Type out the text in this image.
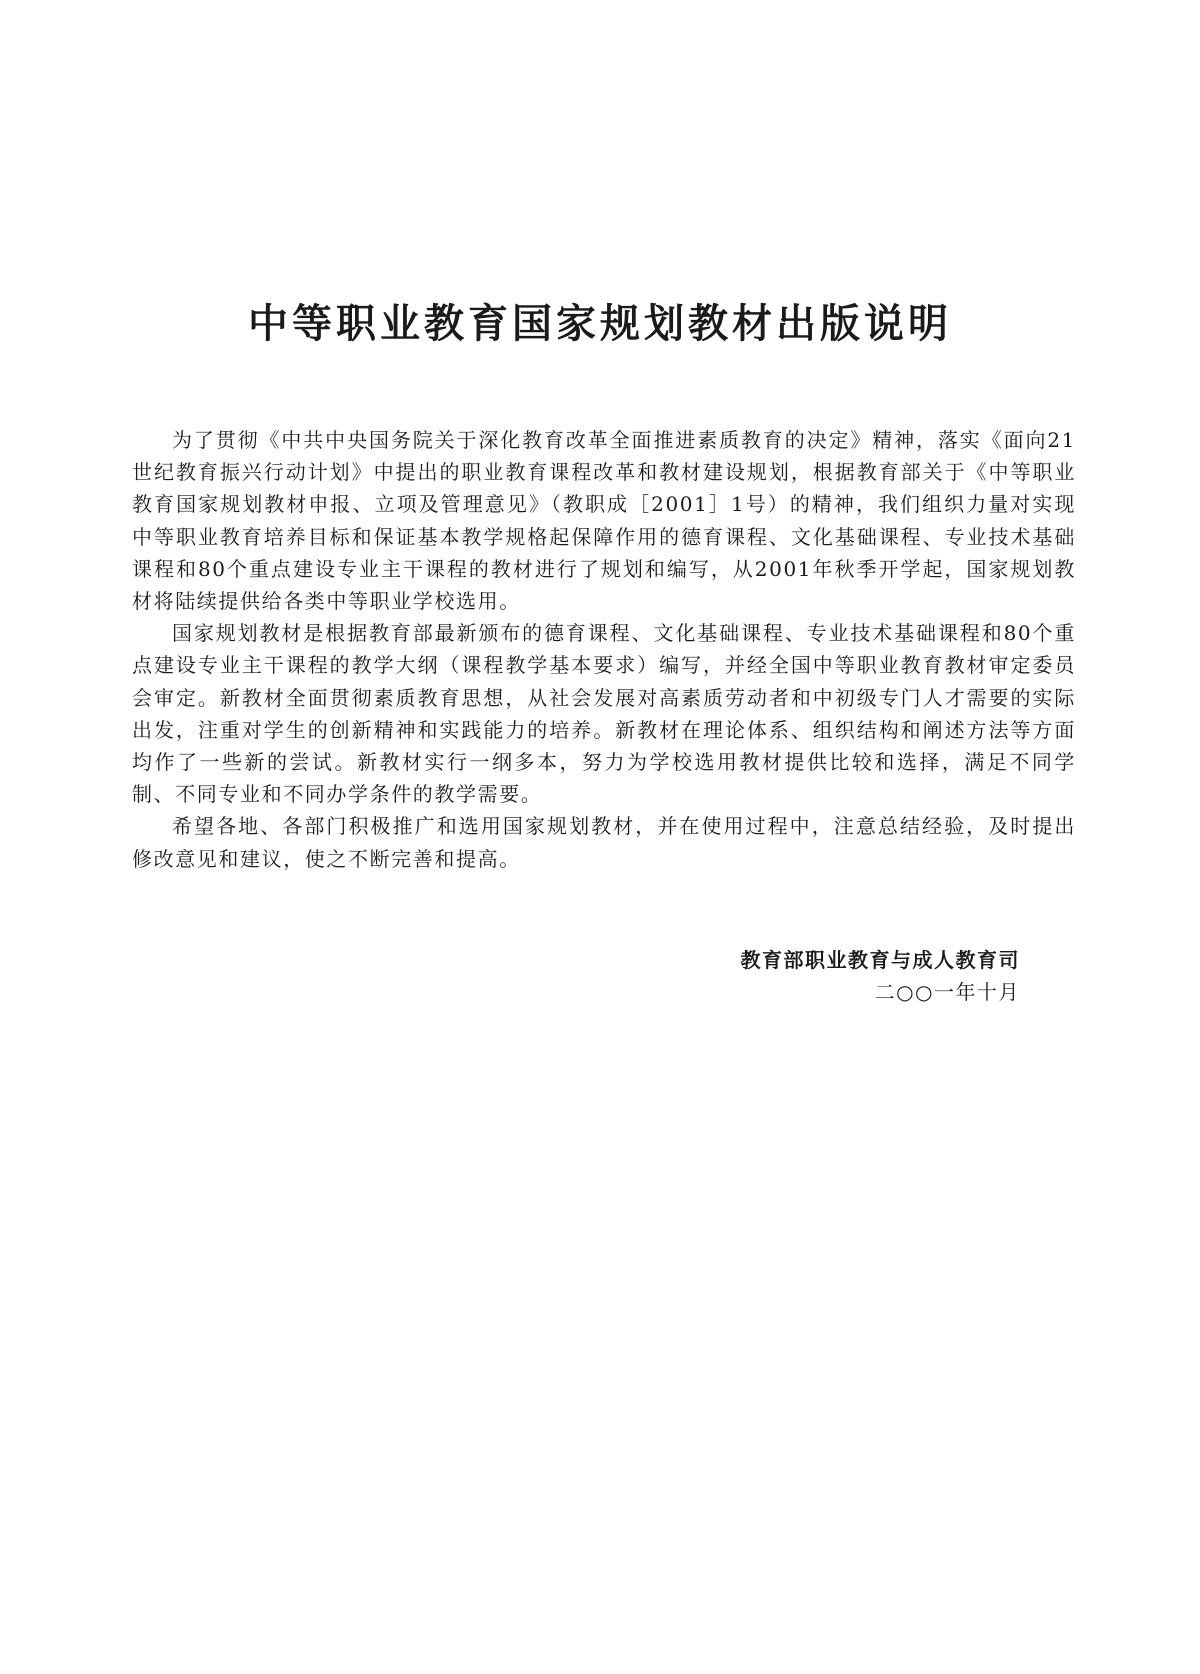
中等职业教育国家规划教材出版说明

为了贯彻《中共中央国务院关于深化教育改革全面推进素质教育的决定》精神，落实《面向21世纪教育振兴行动计划》中提出的职业教育课程改革和教材建设规划，根据教育部关于《中等职业教育国家规划教材申报、立项及管理意见》（教职成［2001］1号）的精神，我们组织力量对实现中等职业教育培养目标和保证基本教学规格起保障作用的德育课程、文化基础课程、专业技术基础课程和80个重点建设专业主干课程的教材进行了规划和编写，从2001年秋季开学起，国家规划教材将陆续提供给各类中等职业学校选用。

国家规划教材是根据教育部最新颁布的德育课程、文化基础课程、专业技术基础课程和80个重点建设专业主干课程的教学大纲（课程教学基本要求）编写，并经全国中等职业教育教材审定委员会审定。新教材全面贯彻素质教育思想，从社会发展对高素质劳动者和中初级专门人才需要的实际出发，注重对学生的创新精神和实践能力的培养。新教材在理论体系、组织结构和阐述方法等方面均作了一些新的尝试。新教材实行一纲多本，努力为学校选用教材提供比较和选择，满足不同学制、不同专业和不同办学条件的教学需要。

希望各地、各部门积极推广和选用国家规划教材，并在使用过程中，注意总结经验，及时提出修改意见和建议，使之不断完善和提高。

教育部职业教育与成人教育司
二○○一年十月
